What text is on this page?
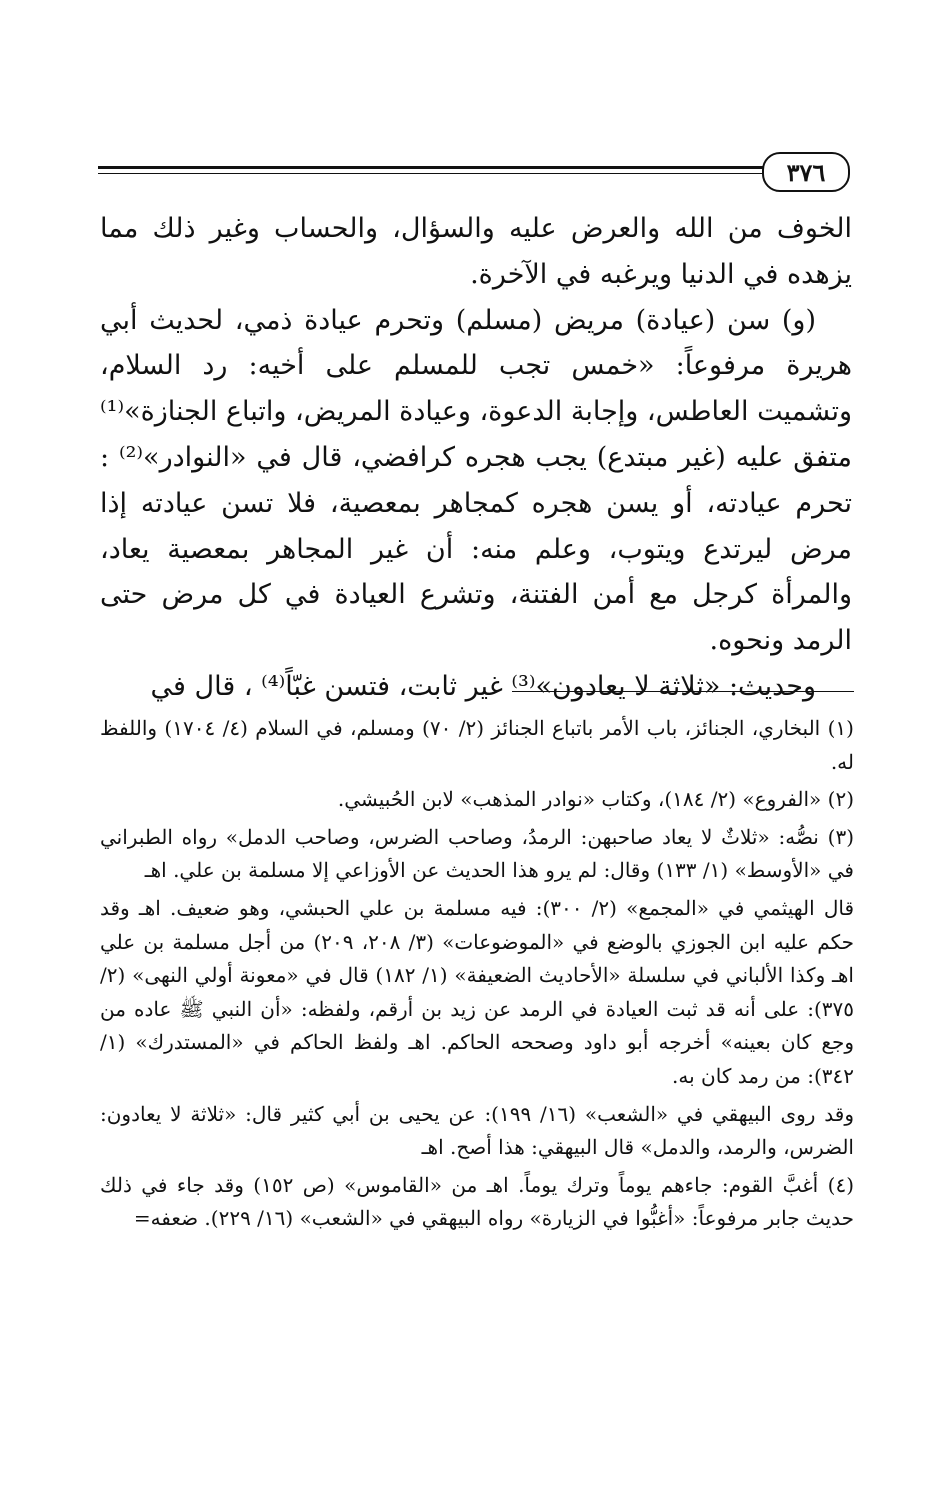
٣٧٦

الخوف من الله والعرض عليه والسؤال، والحساب وغير ذلك مما يزهده في الدنيا ويرغبه في الآخرة.

(و) سن (عيادة) مريض (مسلم) وتحرم عيادة ذمي، لحديث أبي هريرة مرفوعاً: «خمس تجب للمسلم على أخيه: رد السلام، وتشميت العاطس، وإجابة الدعوة، وعيادة المريض، واتباع الجنازة»⁽¹⁾ متفق عليه (غير مبتدع) يجب هجره كرافضي، قال في «النوادر»⁽²⁾ : تحرم عيادته، أو يسن هجره كمجاهر بمعصية، فلا تسن عيادته إذا مرض ليرتدع ويتوب، وعلم منه: أن غير المجاهر بمعصية يعاد، والمرأة كرجل مع أمن الفتنة، وتشرع العيادة في كل مرض حتى الرمد ونحوه.

وحديث: «ثلاثة لا يعادون»⁽³⁾ غير ثابت، فتسن غبّاً⁽⁴⁾ ، قال في

(١) البخاري، الجنائز، باب الأمر باتباع الجنائز (٢/ ٧٠) ومسلم، في السلام (٤/ ١٧٠٤) واللفظ له.

(٢) «الفروع» (٢/ ١٨٤)، وكتاب «نوادر المذهب» لابن الحُبيشي.

(٣) نصُّه: «ثلاثٌ لا يعاد صاحبهن: الرمدُ، وصاحب الضرس، وصاحب الدمل» رواه الطبراني في «الأوسط» (١/ ١٣٣) وقال: لم يرو هذا الحديث عن الأوزاعي إلا مسلمة بن علي. اهـ

قال الهيثمي في «المجمع» (٢/ ٣٠٠): فيه مسلمة بن علي الحبشي، وهو ضعيف. اهـ وقد حكم عليه ابن الجوزي بالوضع في «الموضوعات» (٣/ ٢٠٨، ٢٠٩) من أجل مسلمة بن علي اهـ وكذا الألباني في سلسلة «الأحاديث الضعيفة» (١/ ١٨٢) قال في «معونة أولي النهى» (٢/ ٣٧٥): على أنه قد ثبت العيادة في الرمد عن زيد بن أرقم، ولفظه: «أن النبي ﷺ عاده من وجع كان بعينه» أخرجه أبو داود وصححه الحاكم. اهـ ولفظ الحاكم في «المستدرك» (١/ ٣٤٢): من رمد كان به.

وقد روى البيهقي في «الشعب» (١٦/ ١٩٩): عن يحيى بن أبي كثير قال: «ثلاثة لا يعادون: الضرس، والرمد، والدمل» قال البيهقي: هذا أصح. اهـ

(٤) أغبَّ القوم: جاءهم يوماً وترك يوماً. اهـ من «القاموس» (ص ١٥٢) وقد جاء في ذلك حديث جابر مرفوعاً: «أغبُّوا في الزيارة» رواه البيهقي في «الشعب» (١٦/ ٢٢٩). ضعفه=
